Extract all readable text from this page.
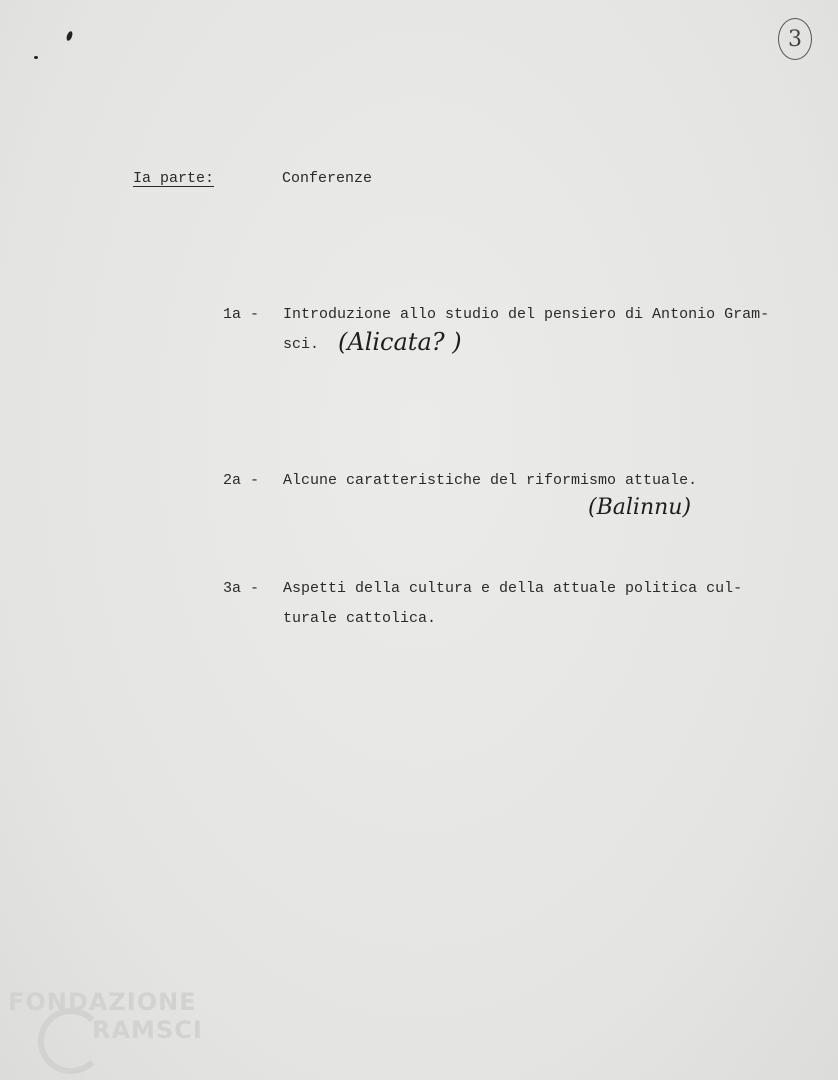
3
​
Ia parte:	Conferenze
1a - Introduzione allo studio del pensiero di Antonio Gram-
sci. (Alicata? )
2a - Alcune caratteristiche del riformismo attuale.
(Balinnu)
3a - Aspetti della cultura e della attuale politica cul-
turale cattolica.
FONDAZIONE
RAMSCI
